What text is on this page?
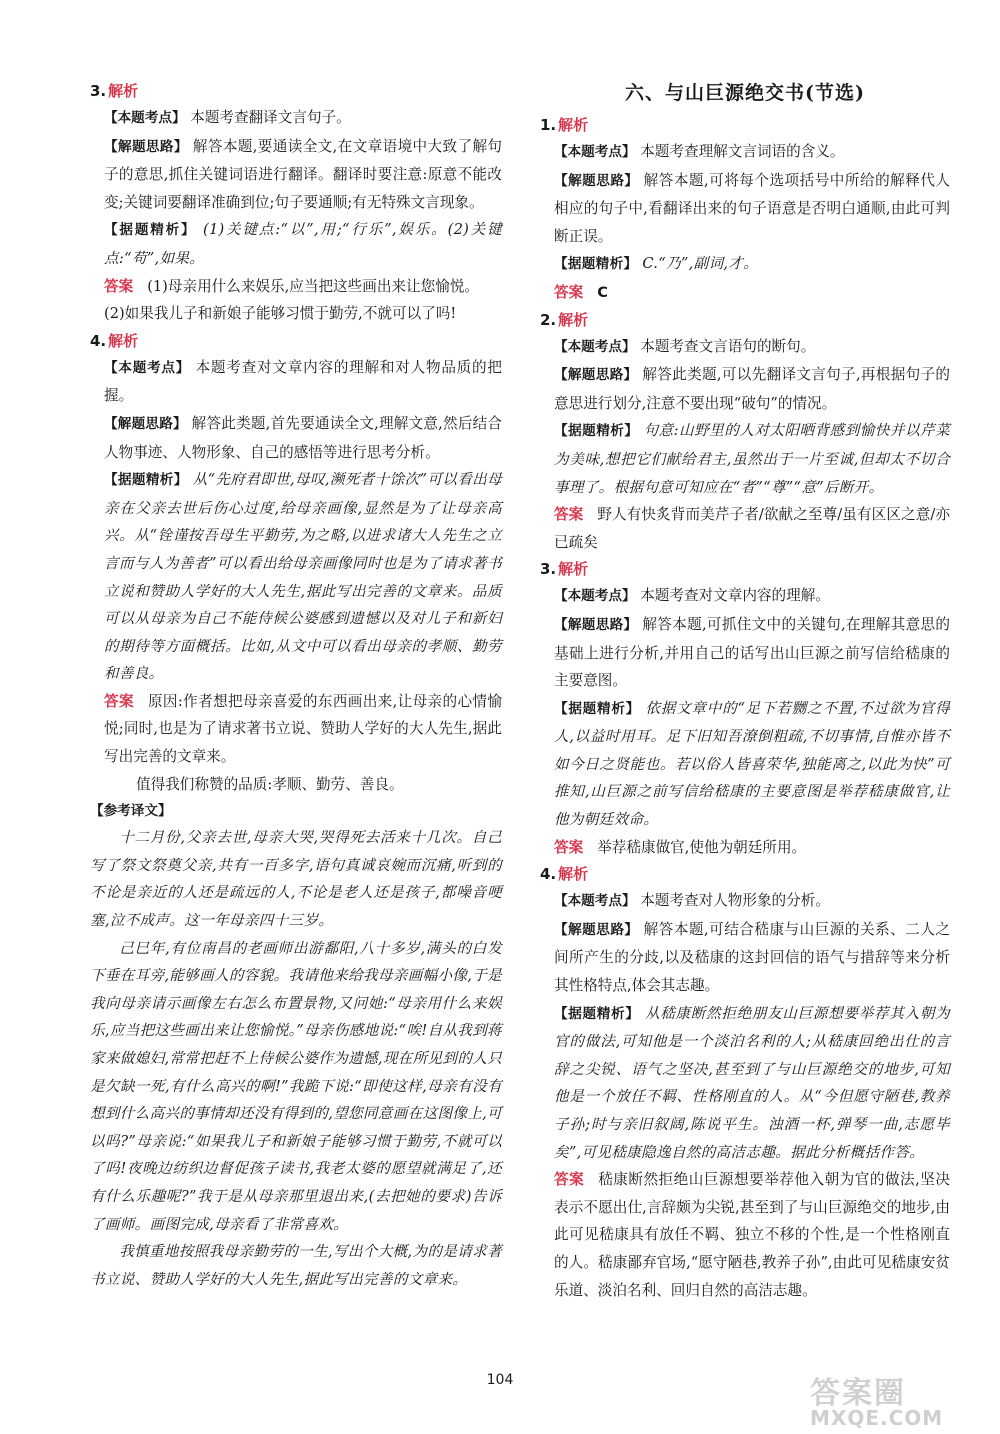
3. 解析

【本题考点】 本题考查翻译文言句子。

【解题思路】 解答本题,要通读全文,在文章语境中大致了解句子的意思,抓住关键词语进行翻译。翻译时要注意:原意不能改变;关键词要翻译准确到位;句子要通顺;有无特殊文言现象。

【据题精析】 (1)关键点:“以”,用;“行乐”,娱乐。(2)关键点:“苟”,如果。

答案 (1)母亲用什么来娱乐,应当把这些画出来让您愉悦。

(2)如果我儿子和新娘子能够习惯于勤劳,不就可以了吗!

4. 解析

【本题考点】 本题考查对文章内容的理解和对人物品质的把握。

【解题思路】 解答此类题,首先要通读全文,理解文意,然后结合人物事迹、人物形象、自己的感悟等进行思考分析。

【据题精析】 从“先府君即世,母叹,濒死者十馀次”可以看出母亲在父亲去世后伤心过度,给母亲画像,显然是为了让母亲高兴。从“铨谨按吾母生平勤劳,为之略,以进求诸大人先生之立言而与人为善者”可以看出给母亲画像同时也是为了请求著书立说和赞助人学好的大人先生,据此写出完善的文章来。品质可以从母亲为自己不能侍候公婆感到遗憾以及对儿子和新妇的期待等方面概括。比如,从文中可以看出母亲的孝顺、勤劳和善良。

答案 原因:作者想把母亲喜爱的东西画出来,让母亲的心情愉悦;同时,也是为了请求著书立说、赞助人学好的大人先生,据此写出完善的文章来。

值得我们称赞的品质:孝顺、勤劳、善良。

【参考译文】

十二月份,父亲去世,母亲大哭,哭得死去活来十几次。自己写了祭文祭奠父亲,共有一百多字,语句真诚哀婉而沉痛,听到的不论是亲近的人还是疏远的人,不论是老人还是孩子,都噪音哽塞,泣不成声。这一年母亲四十三岁。

己巳年,有位南昌的老画师出游鄱阳,八十多岁,满头的白发下垂在耳旁,能够画人的容貌。我请他来给我母亲画幅小像,于是我向母亲请示画像左右怎么布置景物,又问她:“母亲用什么来娱乐,应当把这些画出来让您愉悦。”母亲伤感地说:“唉!自从我到蒋家来做媳妇,常常把赶不上侍候公婆作为遗憾,现在所见到的人只是欠缺一死,有什么高兴的啊!”我跪下说:“即使这样,母亲有没有想到什么高兴的事情却还没有得到的,望您同意画在这图像上,可以吗?”母亲说:“如果我儿子和新娘子能够习惯于勤劳,不就可以了吗!夜晚边纺织边督促孩子读书,我老太婆的愿望就满足了,还有什么乐趣呢?”我于是从母亲那里退出来,(去把她的要求)告诉了画师。画图完成,母亲看了非常喜欢。

我慎重地按照我母亲勤劳的一生,写出个大概,为的是请求著书立说、赞助人学好的大人先生,据此写出完善的文章来。

六、与山巨源绝交书(节选)
1. 解析

【本题考点】 本题考查理解文言词语的含义。

【解题思路】 解答本题,可将每个选项括号中所给的解释代人相应的句子中,看翻译出来的句子语意是否明白通顺,由此可判断正误。

【据题精析】 C.“乃”,副词,才。

答案 C

2. 解析

【本题考点】 本题考查文言语句的断句。

【解题思路】 解答此类题,可以先翻译文言句子,再根据句子的意思进行划分,注意不要出现“破句”的情况。

【据题精析】 句意:山野里的人对太阳晒背感到愉快并以芹菜为美味,想把它们献给君主,虽然出于一片至诚,但却太不切合事理了。根据句意可知应在“者”“尊”“意”后断开。

答案 野人有快炙背而美芹子者/欲献之至尊/虽有区区之意/亦已疏矣

3. 解析

【本题考点】 本题考查对文章内容的理解。

【解题思路】 解答本题,可抓住文中的关键句,在理解其意思的基础上进行分析,并用自己的话写出山巨源之前写信给嵇康的主要意图。

【据题精析】 依据文章中的“足下若嬲之不置,不过欲为官得人,以益时用耳。足下旧知吾潦倒粗疏,不切事情,自惟亦皆不如今日之贤能也。若以俗人皆喜荣华,独能离之,以此为快”可推知,山巨源之前写信给嵇康的主要意图是举荐嵇康做官,让他为朝廷效命。

答案 举荐嵇康做官,使他为朝廷所用。

4. 解析

【本题考点】 本题考查对人物形象的分析。

【解题思路】 解答本题,可结合嵇康与山巨源的关系、二人之间所产生的分歧,以及嵇康的这封回信的语气与措辞等来分析其性格特点,体会其志趣。

【据题精析】 从嵇康断然拒绝朋友山巨源想要举荐其入朝为官的做法,可知他是一个淡泊名利的人;从嵇康回绝出仕的言辞之尖锐、语气之坚决,甚至到了与山巨源绝交的地步,可知他是一个放任不羁、性格刚直的人。从“今但愿守陋巷,教养子孙;时与亲旧叙阔,陈说平生。浊酒一杯,弹琴一曲,志愿毕矣”,可见嵇康隐逸自然的高洁志趣。据此分析概括作答。

答案 嵇康断然拒绝山巨源想要举荐他入朝为官的做法,坚决表示不愿出仕,言辞颇为尖锐,甚至到了与山巨源绝交的地步,由此可见嵇康具有放任不羁、独立不移的个性,是一个性格刚直的人。嵇康鄙弃官场,“愿守陋巷,教养子孙”,由此可见嵇康安贫乐道、淡泊名利、回归自然的高洁志趣。

104	答案圈
MXQE.COM
